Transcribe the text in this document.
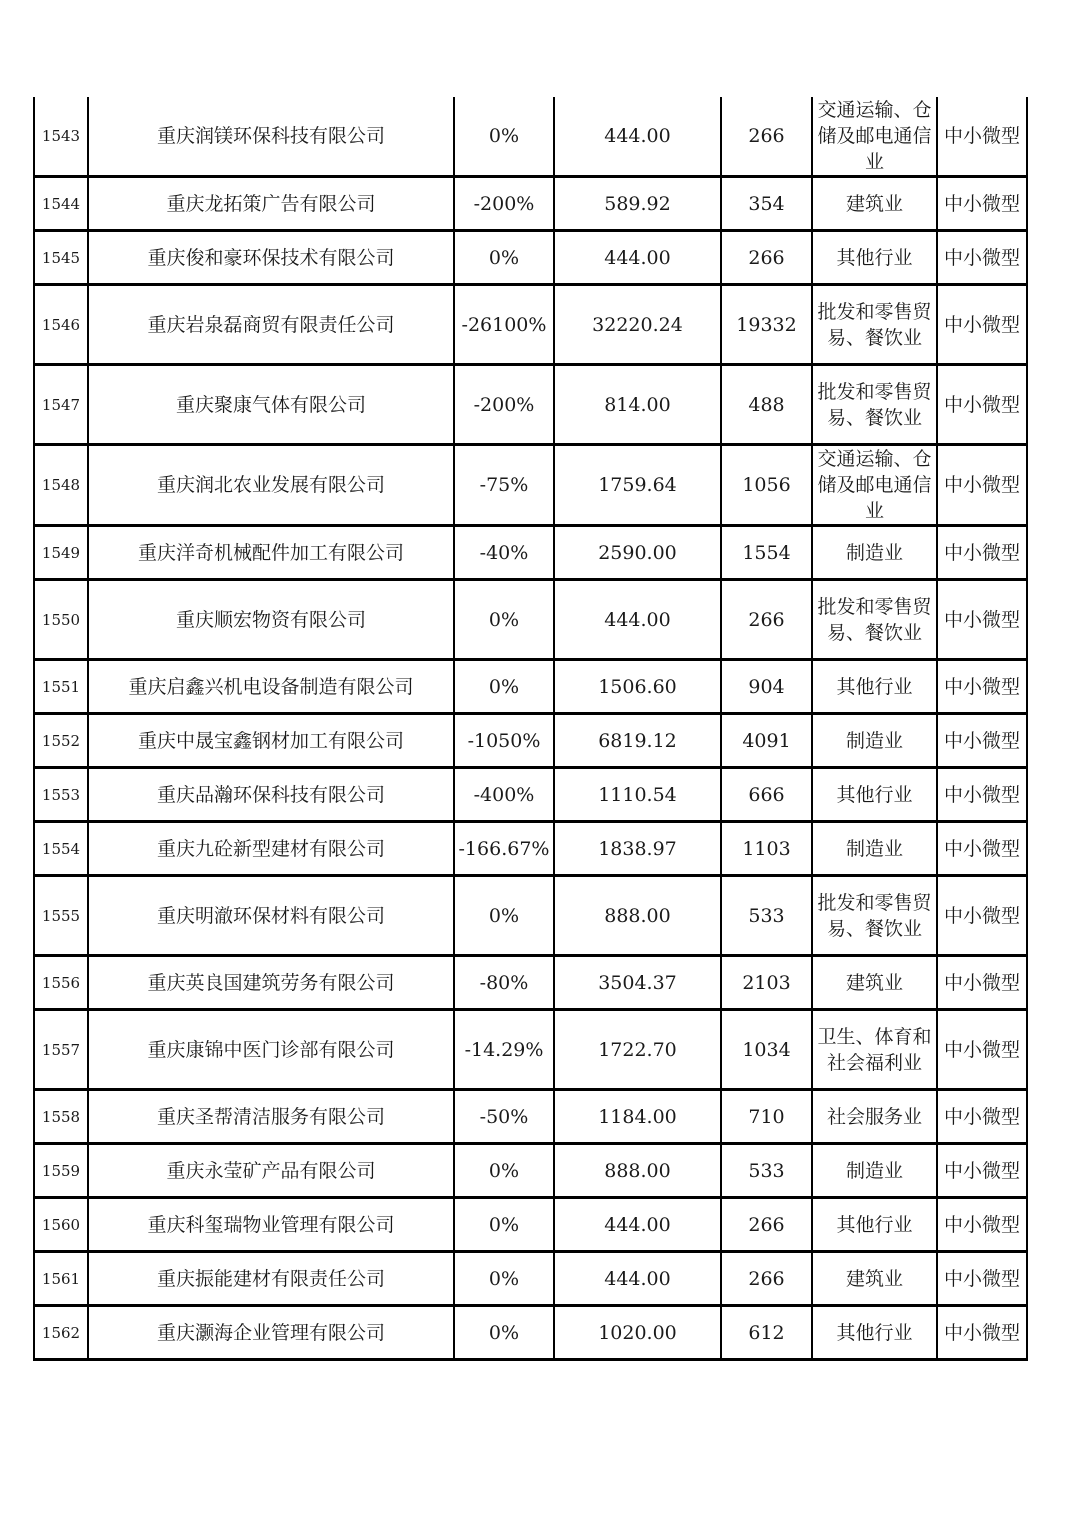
1543	重庆润镁环保科技有限公司	0%	444.00	266	交通运输、仓储及邮电通信业	中小微型
1544	重庆龙拓策广告有限公司	-200%	589.92	354	建筑业	中小微型
1545	重庆俊和豪环保技术有限公司	0%	444.00	266	其他行业	中小微型
1546	重庆岩泉磊商贸有限责任公司	-26100%	32220.24	19332	批发和零售贸易、餐饮业	中小微型
1547	重庆聚康气体有限公司	-200%	814.00	488	批发和零售贸易、餐饮业	中小微型
1548	重庆润北农业发展有限公司	-75%	1759.64	1056	交通运输、仓储及邮电通信业	中小微型
1549	重庆洋奇机械配件加工有限公司	-40%	2590.00	1554	制造业	中小微型
1550	重庆顺宏物资有限公司	0%	444.00	266	批发和零售贸易、餐饮业	中小微型
1551	重庆启鑫兴机电设备制造有限公司	0%	1506.60	904	其他行业	中小微型
1552	重庆中晟宝鑫钢材加工有限公司	-1050%	6819.12	4091	制造业	中小微型
1553	重庆品瀚环保科技有限公司	-400%	1110.54	666	其他行业	中小微型
1554	重庆九砼新型建材有限公司	-166.67%	1838.97	1103	制造业	中小微型
1555	重庆明澈环保材料有限公司	0%	888.00	533	批发和零售贸易、餐饮业	中小微型
1556	重庆英良国建筑劳务有限公司	-80%	3504.37	2103	建筑业	中小微型
1557	重庆康锦中医门诊部有限公司	-14.29%	1722.70	1034	卫生、体育和社会福利业	中小微型
1558	重庆圣帮清洁服务有限公司	-50%	1184.00	710	社会服务业	中小微型
1559	重庆永莹矿产品有限公司	0%	888.00	533	制造业	中小微型
1560	重庆科玺瑞物业管理有限公司	0%	444.00	266	其他行业	中小微型
1561	重庆振能建材有限责任公司	0%	444.00	266	建筑业	中小微型
1562	重庆灏海企业管理有限公司	0%	1020.00	612	其他行业	中小微型
